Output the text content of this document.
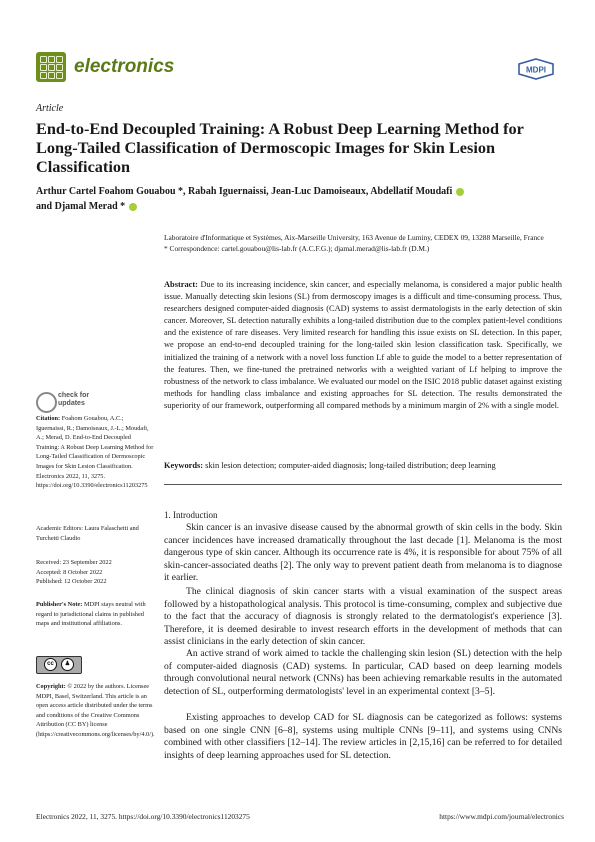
electronics	MDPI
Article
End-to-End Decoupled Training: A Robust Deep Learning Method for Long-Tailed Classification of Dermoscopic Images for Skin Lesion Classification
Arthur Cartel Foahom Gouabou *, Rabah Iguernaissi, Jean-Luc Damoiseaux, Abdellatif Moudafi
and Djamal Merad *
Laboratoire d'Informatique et Systèmes, Aix-Marseille University, 163 Avenue de Luminy, CEDEX 09, 13288 Marseille, France
* Correspondence: cartel.gouabou@lis-lab.fr (A.C.F.G.); djamal.merad@lis-lab.fr (D.M.)
Abstract: Due to its increasing incidence, skin cancer, and especially melanoma, is considered a major public health issue. Manually detecting skin lesions (SL) from dermoscopy images is a difficult and time-consuming process. Thus, researchers designed computer-aided diagnosis (CAD) systems to assist dermatologists in the early detection of skin cancer. Moreover, SL detection naturally exhibits a long-tailed distribution due to the complex patient-level conditions and the existence of rare diseases. Very limited research for handling this issue exists on SL detection. In this paper, we propose an end-to-end decoupled training for the long-tailed skin lesion classification task. Specifically, we initialized the training of a network with a novel loss function Lf able to guide the model to a better representation of the features. Then, we fine-tuned the pretrained networks with a weighted variant of Lf helping to improve the robustness of the network to class imbalance. We evaluated our model on the ISIC 2018 public dataset against existing methods for handling class imbalance and existing approaches for SL detection. The results demonstrated the superiority of our framework, outperforming all compared methods by a minimum margin of 2% with a single model.
Keywords: skin lesion detection; computer-aided diagnosis; long-tailed distribution; deep learning
check for
updates
Citation: Foahom Gouabou, A.C.; Iguernaissi, R.; Damoiseaux, J.-L.; Moudafi, A.; Merad, D. End-to-End Decoupled Training: A Robust Deep Learning Method for Long-Tailed Classification of Dermoscopic Images for Skin Lesion Classification. Electronics 2022, 11, 3275. https://doi.org/10.3390/electronics11203275
Academic Editors: Laura Falaschetti and Turchetti Claudio
Received: 23 September 2022
Accepted: 8 October 2022
Published: 12 October 2022
Publisher's Note: MDPI stays neutral with regard to jurisdictional claims in published maps and institutional affiliations.
cc ♟
Copyright: © 2022 by the authors. Licensee MDPI, Basel, Switzerland. This article is an open access article distributed under the terms and conditions of the Creative Commons Attribution (CC BY) license (https://creativecommons.org/licenses/by/4.0/).
1. Introduction
Skin cancer is an invasive disease caused by the abnormal growth of skin cells in the body. Skin cancer incidences have increased dramatically throughout the last decade [1]. Melanoma is the most dangerous type of skin cancer. Although its occurrence rate is 4%, it is responsible for about 75% of all skin-cancer-associated deaths [2]. The only way to prevent patient death from melanoma is to diagnose it earlier.
The clinical diagnosis of skin cancer starts with a visual examination of the suspect areas followed by a histopathological analysis. This protocol is time-consuming, complex and subjective due to the fact that the accuracy of diagnosis is strongly related to the dermatologist's experience [3]. Therefore, it is deemed desirable to invest research efforts in the development of methods that can assist clinicians in the early detection of skin cancer.
An active strand of work aimed to tackle the challenging skin lesion (SL) detection with the help of computer-aided diagnosis (CAD) systems. In particular, CAD based on deep learning models through convolutional neural network (CNNs) has been achieving remarkable results in the automated detection of SL, outperforming dermatologists' level in an experimental context [3–5].
Existing approaches to develop CAD for SL diagnosis can be categorized as follows: systems based on one single CNN [6–8], systems using multiple CNNs [9–11], and systems using CNNs combined with other classifiers [12–14]. The review articles in [2,15,16] can be referred to for detailed insights of deep learning approaches used for SL detection.
Electronics 2022, 11, 3275. https://doi.org/10.3390/electronics11203275	https://www.mdpi.com/journal/electronics
